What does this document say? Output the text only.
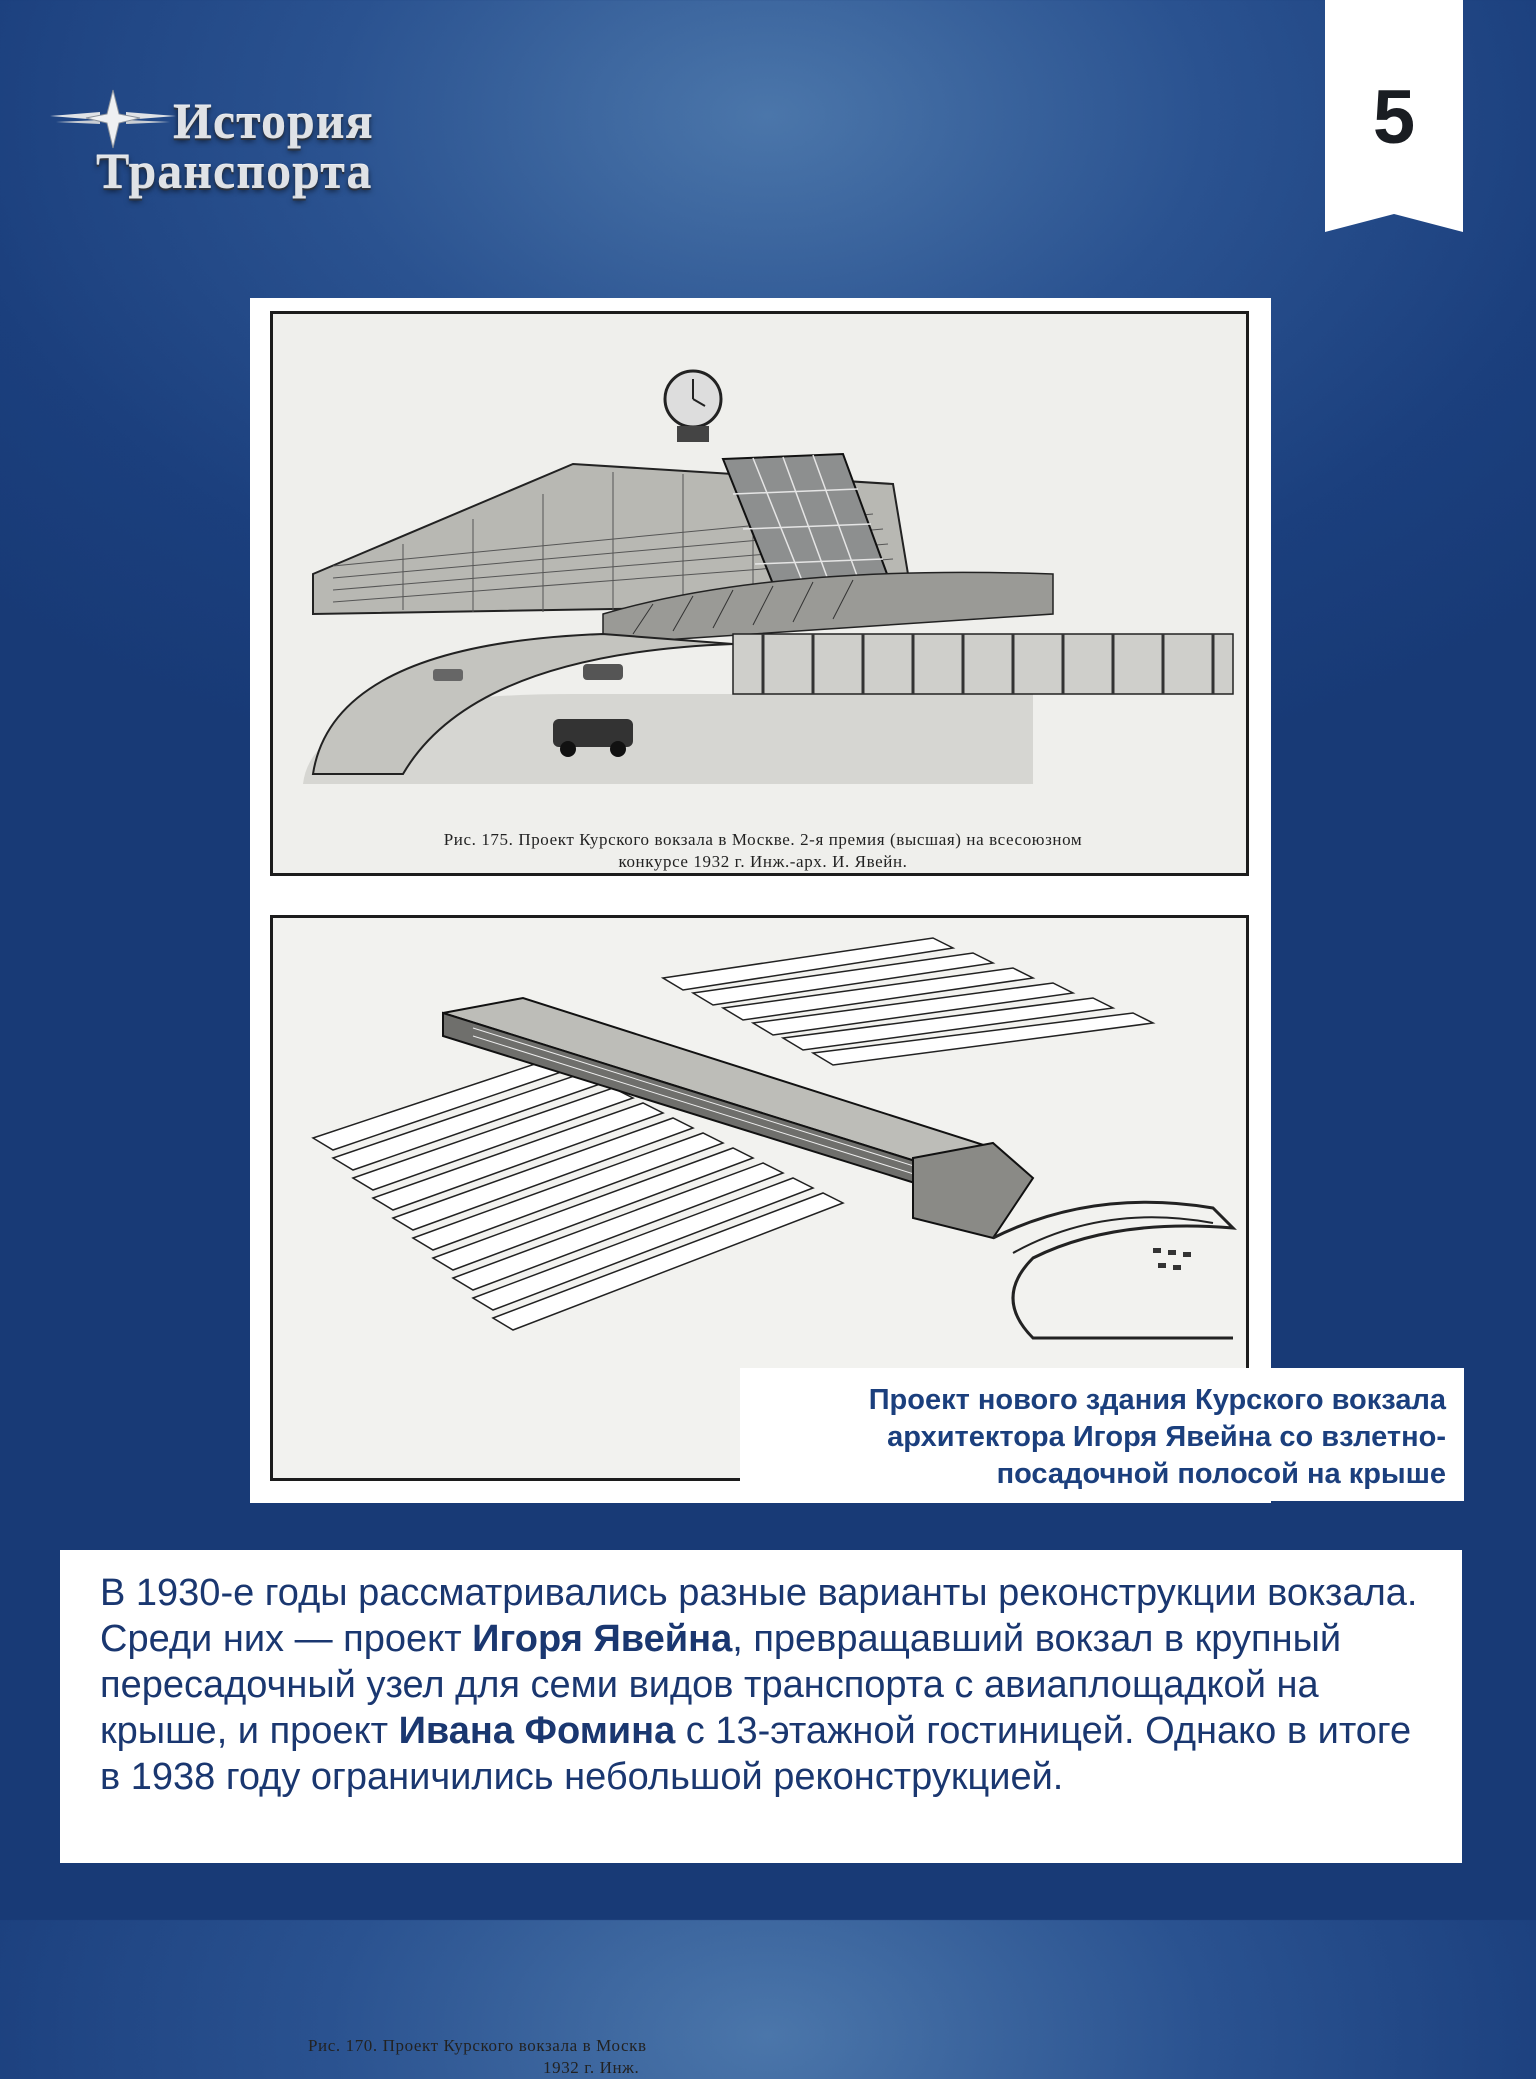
История
Транспорта
5
Рис. 175. Проект Курского вокзала в Москве. 2-я премия (высшая) на всесоюзном
конкурсе 1932 г. Инж.-арх. И. Явейн.
Рис. 170. Проект Курского вокзала в Москв
1932 г. Инж.
Проект нового здания Курского вокзала
архитектора Игоря Явейна со взлетно-
посадочной полосой на крыше
В 1930-е годы рассматривались разные варианты реконструкции вокзала. Среди них — проект Игоря Явейна, превращавший вокзал в крупный пересадочный узел для семи видов транспорта с авиаплощадкой на крыше, и проект Ивана Фомина с 13-этажной гостиницей. Однако в итоге в 1938 году ограничились небольшой реконструкцией.
